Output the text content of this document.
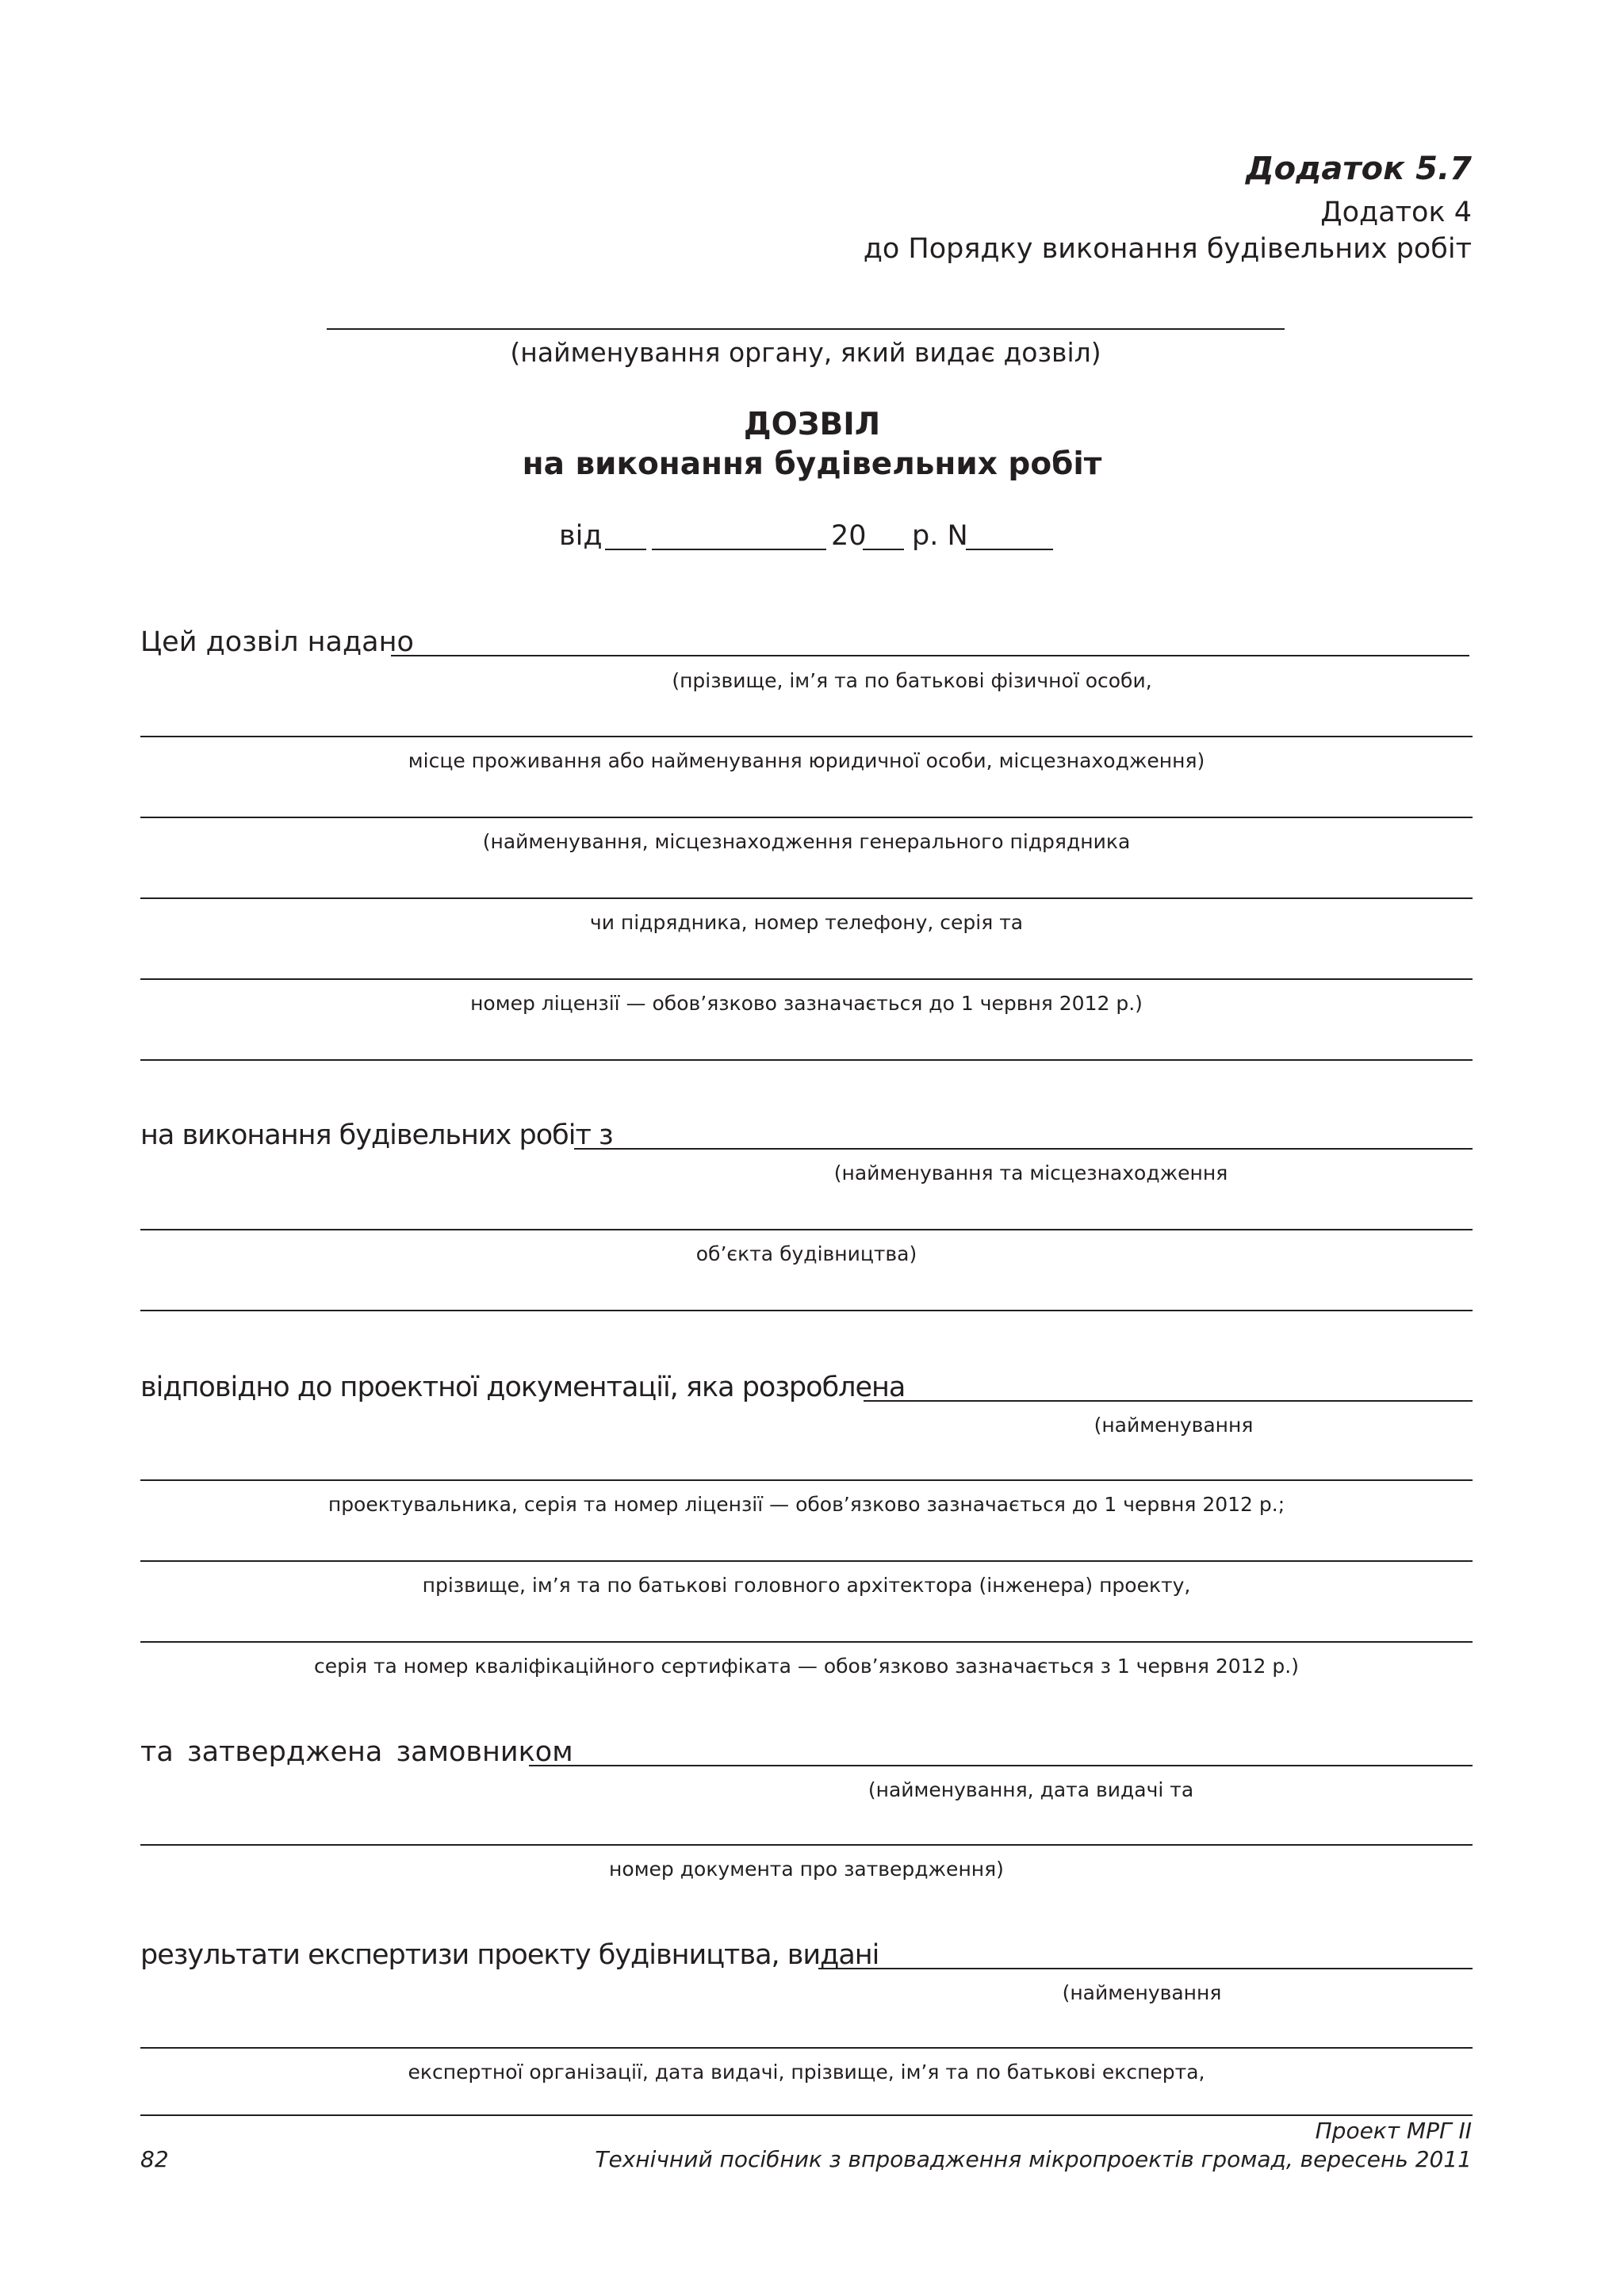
Додаток 5.7
Додаток 4
до Порядку виконання будівельних робіт
(найменування органу, який видає дозвіл)
ДОЗВІЛ
на виконання будівельних робіт
від	20 р. N
Цей дозвіл надано
(прізвище, ім’я та по батькові фізичної особи,
місце проживання або найменування юридичної особи, місцезнаходження)
(найменування, місцезнаходження генерального підрядника
чи підрядника, номер телефону, серія та
номер ліцензії — обов’язково зазначається до 1 червня 2012 р.)
на виконання будівельних робіт з
(найменування та місцезнаходження
об’єкта будівництва)
відповідно до проектної документації, яка розроблена
(найменування
проектувальника, серія та номер ліцензії — обов’язково зазначається до 1 червня 2012 р.;
прізвище, ім’я та по батькові головного архітектора (інженера) проекту,
серія та номер кваліфікаційного сертифіката — обов’язково зазначається з 1 червня 2012 р.)
та затверджена замовником
(найменування, дата видачі та
номер документа про затвердження)
результати експертизи проекту будівництва, видані
(найменування
експертної організації, дата видачі, прізвище, ім’я та по батькові експерта,
Проект МРГ ІІ
82	Технічний посібник з впровадження мікропроектів громад, вересень 2011
